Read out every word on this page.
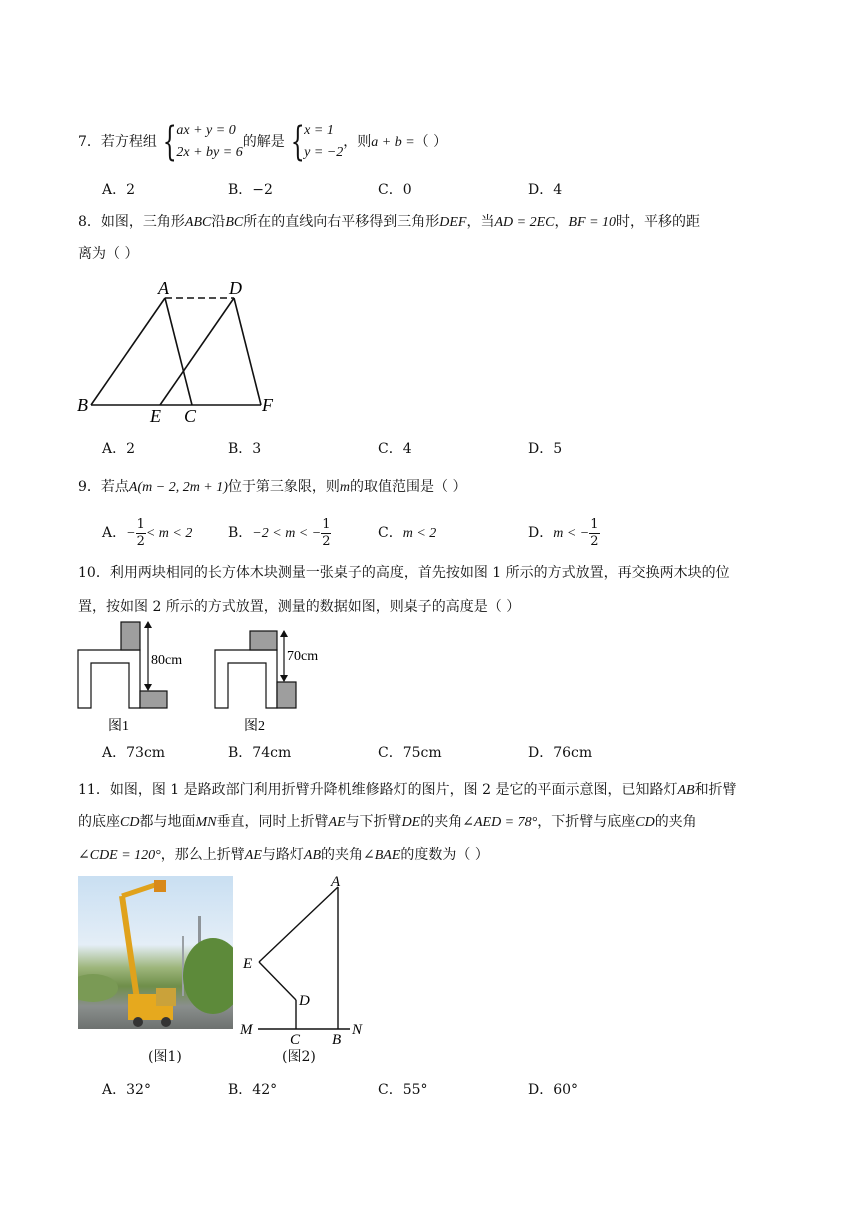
7．若方程组 { ax + y = 0
2x + by = 6
的解是 { x = 1
y = −2
，则a + b =（ ）
A．2	B．−2	C．0	D．4
8．如图，三角形ABC沿BC所在的直线向右平移得到三角形DEF，当AD = 2EC，BF = 10时，平移的距
离为（ ）
A	D
B
E C
F
A．2	B．3	C．4	D．5
9．若点A(m − 2, 2m + 1)位于第三象限，则m的取值范围是（ ）
A．− $\frac{1}{2} < m < 2$	B．−2 < m < − $\frac{1}{2}$	C．m < 2	D．m < − $\frac{1}{2}$
10．利用两块相同的长方体木块测量一张桌子的高度，首先按如图 1 所示的方式放置，再交换两木块的位
置，按如图 2 所示的方式放置，测量的数据如图，则桌子的高度是（ ）
80cm
图1
70cm
图2
A．73cm	B．74cm	C．75cm	D．76cm
11．如图，图 1 是路政部门利用折臂升降机维修路灯的图片，图 2 是它的平面示意图，已知路灯AB和折臂
的底座CD都与地面MN垂直，同时上折臂AE与下折臂DE的夹角∠AED = 78°，下折臂与底座CD的夹角
∠CDE = 120°，那么上折臂AE与路灯AB的夹角∠BAE的度数为（ ）
(图1)
A
E
D
M
C B
N
(图2)
A．32°	B．42°	C．55°	D．60°
